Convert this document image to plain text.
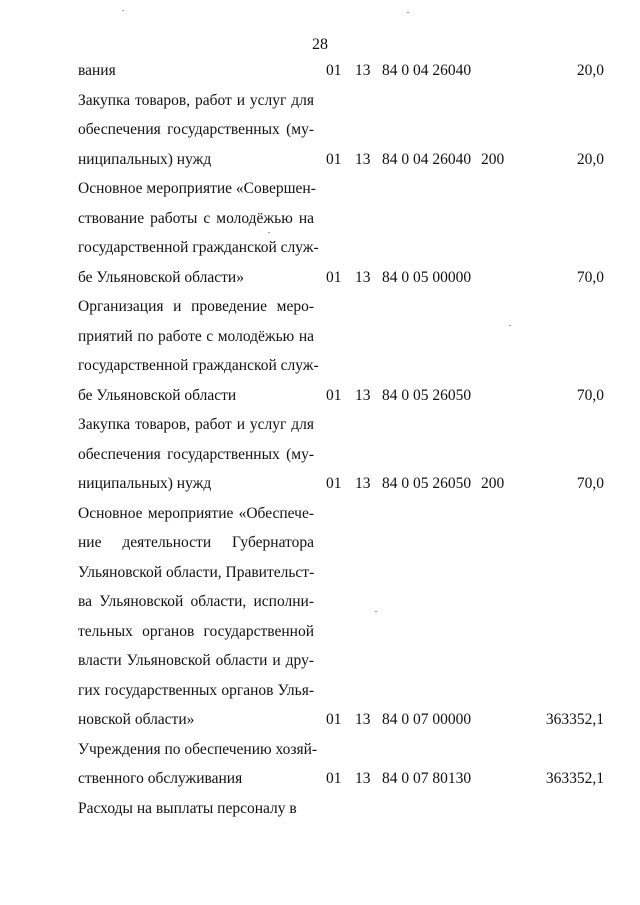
28
вания	01 13 84 0 04 26040	20,0
Закупка товаров, работ и услуг для
обеспечения государственных (му-
ниципальных) нужд	01 13 84 0 04 26040 200	20,0
Основное мероприятие «Совершен-
ствование работы с молодёжью на
государственной гражданской служ-
бе Ульяновской области»	01 13 84 0 05 00000	70,0
Организация и проведение меро-
приятий по работе с молодёжью на
государственной гражданской служ-
бе Ульяновской области	01 13 84 0 05 26050	70,0
Закупка товаров, работ и услуг для
обеспечения государственных (му-
ниципальных) нужд	01 13 84 0 05 26050 200	70,0
Основное мероприятие «Обеспече-
ние деятельности Губернатора
Ульяновской области, Правительст-
ва Ульяновской области, исполни-
тельных органов государственной
власти Ульяновской области и дру-
гих государственных органов Улья-
новской области»	01 13 84 0 07 00000	363352,1
Учреждения по обеспечению хозяй-
ственного обслуживания	01 13 84 0 07 80130	363352,1
Расходы на выплаты персоналу в
